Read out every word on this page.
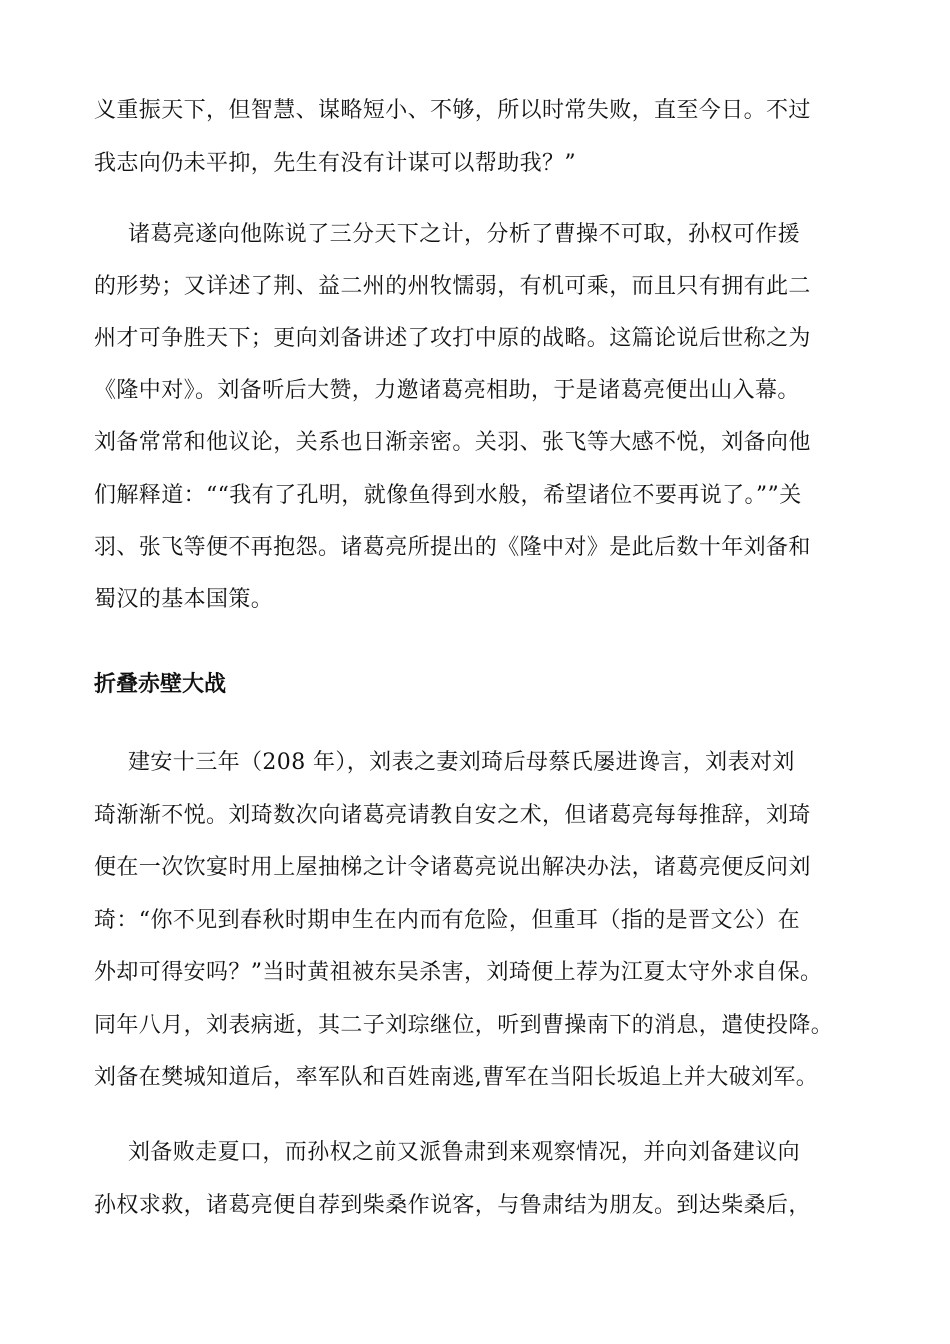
义重振天下，但智慧、谋略短小、不够，所以时常失败，直至今日。不过
我志向仍未平抑，先生有没有计谋可以帮助我？”
诸葛亮遂向他陈说了三分天下之计，分析了曹操不可取，孙权可作援
的形势；又详述了荆、益二州的州牧懦弱，有机可乘，而且只有拥有此二
州才可争胜天下；更向刘备讲述了攻打中原的战略。这篇论说后世称之为
《隆中对》。刘备听后大赞，力邀诸葛亮相助，于是诸葛亮便出山入幕。
刘备常常和他议论，关系也日渐亲密。关羽、张飞等大感不悦，刘备向他
们解释道：““我有了孔明，就像鱼得到水般，希望诸位不要再说了。””关
羽、张飞等便不再抱怨。诸葛亮所提出的《隆中对》是此后数十年刘备和
蜀汉的基本国策。
折叠赤壁大战
建安十三年（208 年），刘表之妻刘琦后母蔡氏屡进谗言，刘表对刘
琦渐渐不悦。刘琦数次向诸葛亮请教自安之术，但诸葛亮每每推辞，刘琦
便在一次饮宴时用上屋抽梯之计令诸葛亮说出解决办法，诸葛亮便反问刘
琦：“你不见到春秋时期申生在内而有危险，但重耳（指的是晋文公）在
外却可得安吗？”当时黄祖被东吴杀害，刘琦便上荐为江夏太守外求自保。
同年八月，刘表病逝，其二子刘琮继位，听到曹操南下的消息，遣使投降。
刘备在樊城知道后，率军队和百姓南逃,曹军在当阳长坂追上并大破刘军。
刘备败走夏口，而孙权之前又派鲁肃到来观察情况，并向刘备建议向
孙权求救，诸葛亮便自荐到柴桑作说客，与鲁肃结为朋友。到达柴桑后，
